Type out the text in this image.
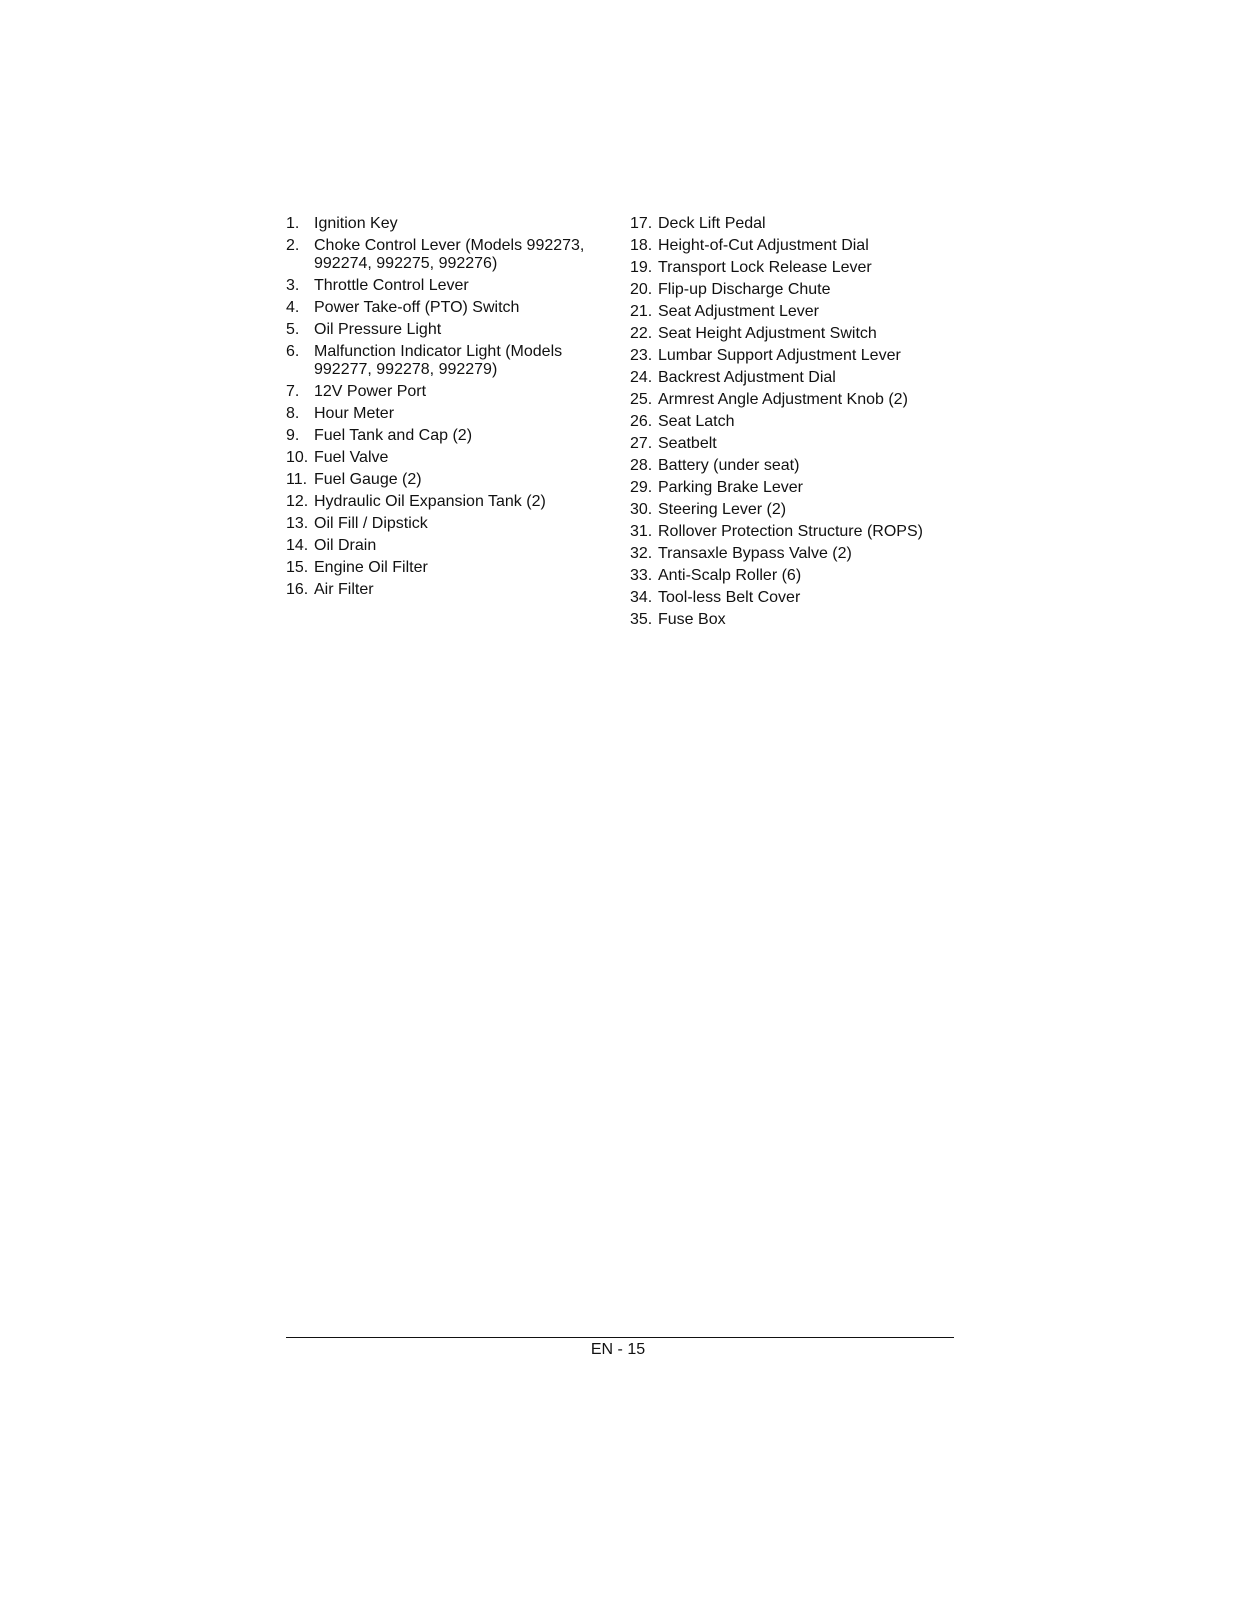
1. Ignition Key
2. Choke Control Lever (Models 992273, 992274, 992275, 992276)
3. Throttle Control Lever
4. Power Take-off (PTO) Switch
5. Oil Pressure Light
6. Malfunction Indicator Light (Models 992277, 992278, 992279)
7. 12V Power Port
8. Hour Meter
9. Fuel Tank and Cap (2)
10. Fuel Valve
11. Fuel Gauge (2)
12. Hydraulic Oil Expansion Tank (2)
13. Oil Fill / Dipstick
14. Oil Drain
15. Engine Oil Filter
16. Air Filter
17. Deck Lift Pedal
18. Height-of-Cut Adjustment Dial
19. Transport Lock Release Lever
20. Flip-up Discharge Chute
21. Seat Adjustment Lever
22. Seat Height Adjustment Switch
23. Lumbar Support Adjustment Lever
24. Backrest Adjustment Dial
25. Armrest Angle Adjustment Knob (2)
26. Seat Latch
27. Seatbelt
28. Battery (under seat)
29. Parking Brake Lever
30. Steering Lever (2)
31. Rollover Protection Structure (ROPS)
32. Transaxle Bypass Valve (2)
33. Anti-Scalp Roller (6)
34. Tool-less Belt Cover
35. Fuse Box
EN - 15
